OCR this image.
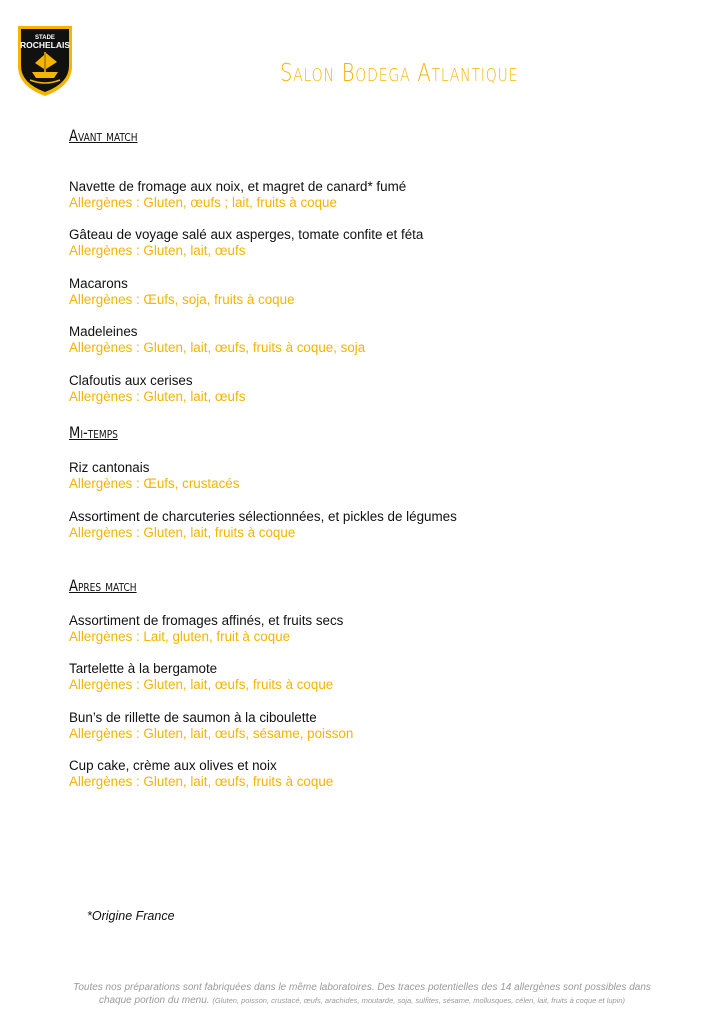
STADE
ROCHELAIS
Salon Bodega Atlantique
Avant match
Navette de fromage aux noix, et magret de canard* fumé
Allergènes : Gluten, œufs ; lait, fruits à coque
Gâteau de voyage salé aux asperges, tomate confite et féta
Allergènes : Gluten, lait, œufs
Macarons
Allergènes : Œufs, soja, fruits à coque
Madeleines
Allergènes : Gluten, lait, œufs, fruits à coque, soja
Clafoutis aux cerises
Allergènes : Gluten, lait, œufs
Mi-temps
Riz cantonais
Allergènes : Œufs, crustacés
Assortiment de charcuteries sélectionnées, et pickles de légumes
Allergènes : Gluten, lait, fruits à coque
Apres match
Assortiment de fromages affinés, et fruits secs
Allergènes : Lait, gluten, fruit à coque
Tartelette à la bergamote
Allergènes : Gluten, lait, œufs, fruits à coque
Bun’s de rillette de saumon à la ciboulette
Allergènes : Gluten, lait, œufs, sésame, poisson
Cup cake, crème aux olives et noix
Allergènes : Gluten, lait, œufs, fruits à coque
*Origine France
Toutes nos préparations sont fabriquées dans le même laboratoires. Des traces potentielles des 14 allergènes sont possibles dans
chaque portion du menu. (Gluten, poisson, crustacé, œufs, arachides, moutarde, soja, sulfites, sésame, mollusques, céleri, lait, fruits à coque et lupin)
